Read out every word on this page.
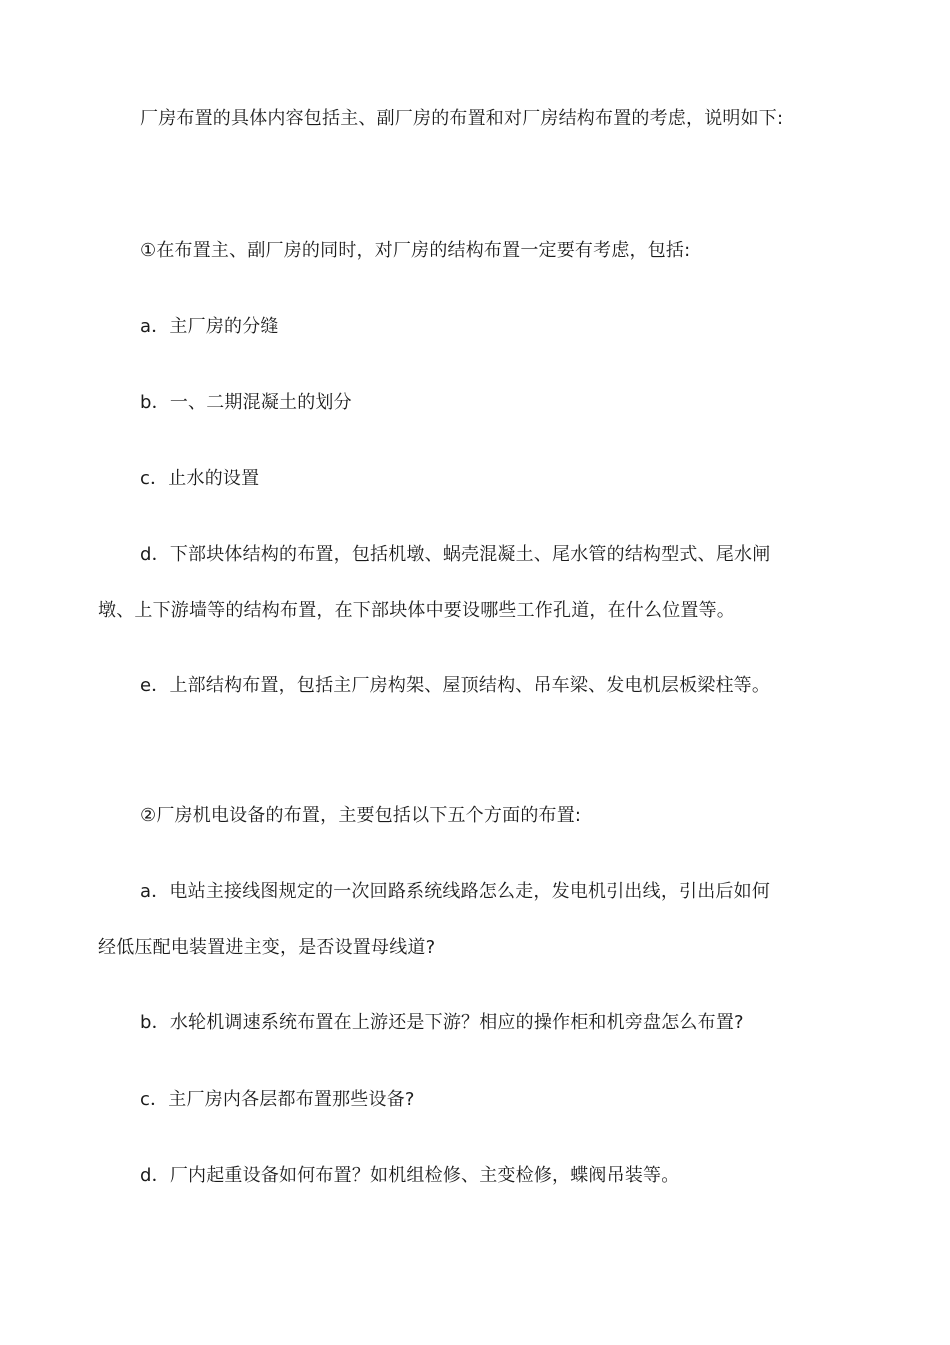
厂房布置的具体内容包括主、副厂房的布置和对厂房结构布置的考虑，说明如下:

①在布置主、副厂房的同时，对厂房的结构布置一定要有考虑，包括:

a．主厂房的分缝

b．一、二期混凝土的划分

c．止水的设置

d．下部块体结构的布置，包括机墩、蜗壳混凝土、尾水管的结构型式、尾水闸墩、上下游墙等的结构布置，在下部块体中要设哪些工作孔道，在什么位置等。

e．上部结构布置，包括主厂房构架、屋顶结构、吊车梁、发电机层板梁柱等。

②厂房机电设备的布置，主要包括以下五个方面的布置:

a．电站主接线图规定的一次回路系统线路怎么走，发电机引出线，引出后如何经低压配电装置进主变，是否设置母线道?

b．水轮机调速系统布置在上游还是下游？相应的操作柜和机旁盘怎么布置?

c．主厂房内各层都布置那些设备?

d．厂内起重设备如何布置？如机组检修、主变检修，蝶阀吊装等。
